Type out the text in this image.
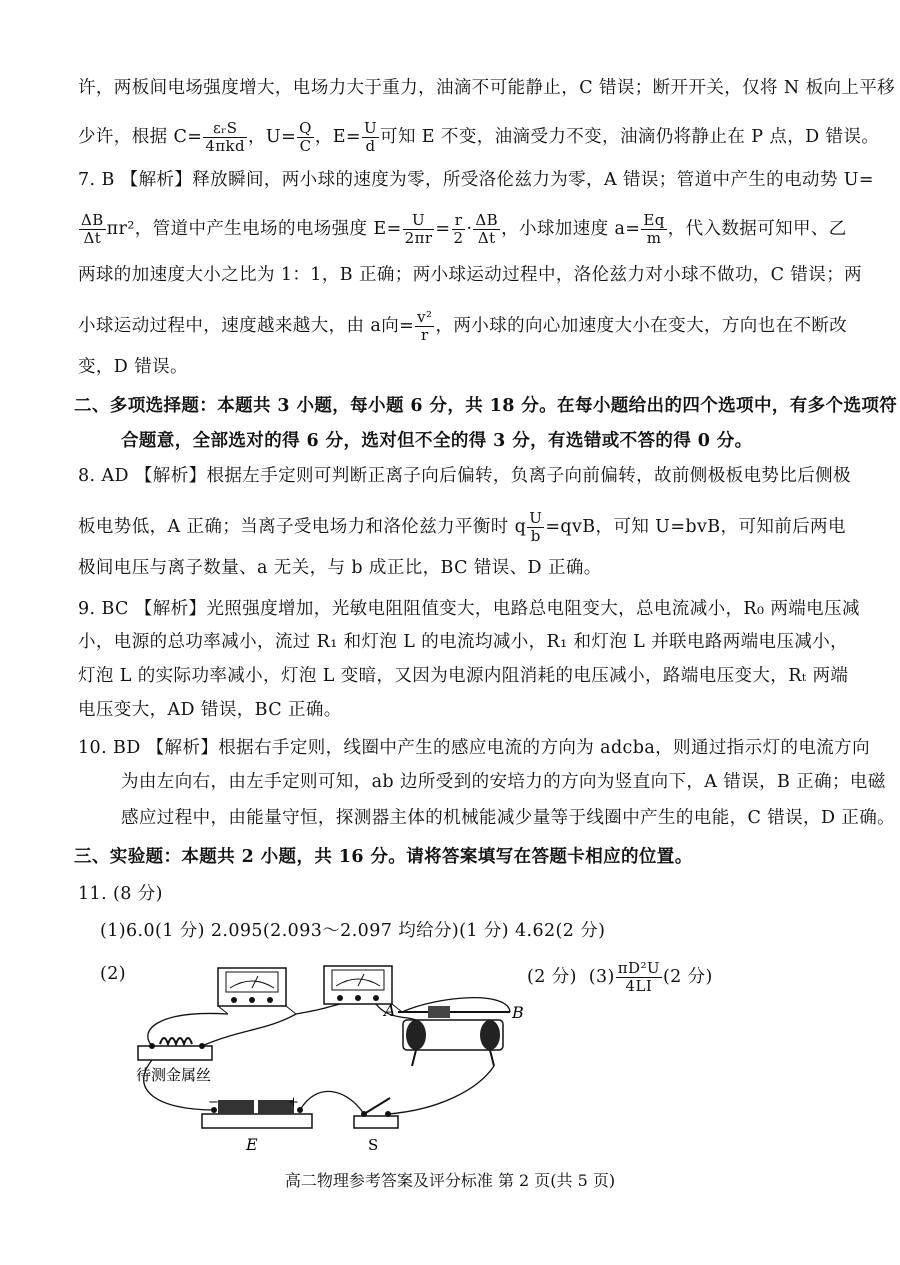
许，两板间电场强度增大，电场力大于重力，油滴不可能静止，C 错误；断开开关，仅将 N 板向上平移
少许，根据 $C= \frac{\text{εᵣS}}{\text{4πkd}}$ ，$U= \frac{Q}{C}$ ，$E= \frac{U}{d}$ 可知 E 不变，油滴受力不变，油滴仍将静止在 P 点，D 错误。
7. B 【解析】释放瞬间，两小球的速度为零，所受洛伦兹力为零，A 错误；管道中产生的电动势 U=
$\frac{\Delta B}{\Delta t} \pi r^2$，管道中产生电场的电场强度 $E= \frac{U}{2\pi r} = \frac{r}{2} \cdot \frac{\Delta B}{\Delta t}$ ，小球加速度 $a= \frac{Eq}{m}$ ，代入数据可知甲、乙
两球的加速度大小之比为 1：1，B 正确；两小球运动过程中，洛伦兹力对小球不做功，C 错误；两
小球运动过程中，速度越来越大，由 a向= $\frac{\text{v²}}{r}$ ，两小球的向心加速度大小在变大，方向也在不断改
变，D 错误。
二、多项选择题：本题共 3 小题，每小题 6 分，共 18 分。在每小题给出的四个选项中，有多个选项符
合题意，全部选对的得 6 分，选对但不全的得 3 分，有选错或不答的得 0 分。
8. AD 【解析】根据左手定则可判断正离子向后偏转，负离子向前偏转，故前侧极板电势比后侧极
板电势低，A 正确；当离子受电场力和洛伦兹力平衡时 q $\frac{U}{b} =qvB$，可知 U=bvB，可知前后两电
极间电压与离子数量、a 无关，与 b 成正比，BC 错误、D 正确。
9. BC 【解析】光照强度增加，光敏电阻阻值变大，电路总电阻变大，总电流减小，R₀ 两端电压减
小，电源的总功率减小，流过 R₁ 和灯泡 L 的电流均减小，R₁ 和灯泡 L 并联电路两端电压减小，
灯泡 L 的实际功率减小，灯泡 L 变暗，又因为电源内阻消耗的电压减小，路端电压变大，Rₜ 两端
电压变大，AD 错误，BC 正确。
10. BD 【解析】根据右手定则，线圈中产生的感应电流的方向为 adcba，则通过指示灯的电流方向
为由左向右，由左手定则可知，ab 边所受到的安培力的方向为竖直向下，A 错误，B 正确；电磁
感应过程中，由能量守恒，探测器主体的机械能减少量等于线圈中产生的电能，C 错误，D 正确。
三、实验题：本题共 2 小题，共 16 分。请将答案填写在答题卡相应的位置。
11. (8 分)
(1)6.0(1 分) 2.095(2.093～2.097 均给分)(1 分) 4.62(2 分)
(2)	(2 分) $(3) \frac{\text{πD²U}}{4LI} (2$ 分)
待测金属丝
A	B
−	+
E	S
高二物理参考答案及评分标准 第 2 页(共 5 页)
